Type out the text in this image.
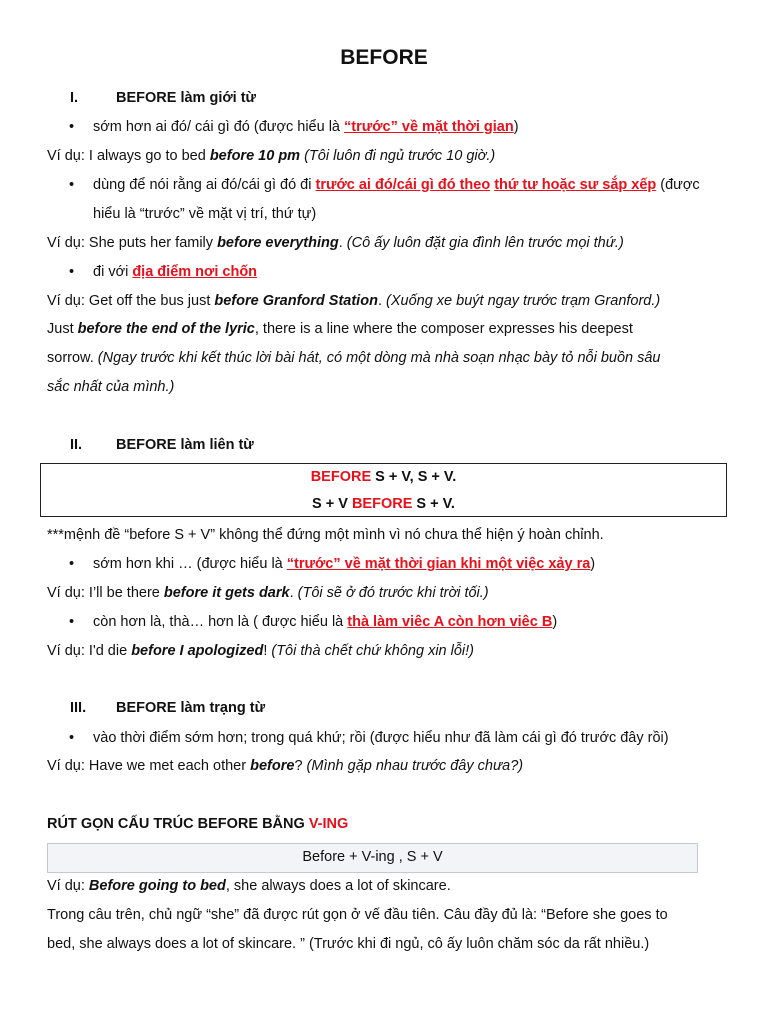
BEFORE
I.	BEFORE làm giới từ
• sớm hơn ai đó/ cái gì đó (được hiểu là “trước” về mặt thời gian)
Ví dụ: I always go to bed before 10 pm (Tôi luôn đi ngủ trước 10 giờ.)
• dùng để nói rằng ai đó/cái gì đó đi trước ai đó/cái gì đó theo thứ tư hoặc sư sắp xếp (được
hiểu là “trước” về mặt vị trí, thứ tự)
Ví dụ: She puts her family before everything. (Cô ấy luôn đặt gia đình lên trước mọi thứ.)
• đi với địa điểm nơi chốn
Ví dụ: Get off the bus just before Granford Station. (Xuống xe buýt ngay trước trạm Granford.)
Just before the end of the lyric, there is a line where the composer expresses his deepest
sorrow. (Ngay trước khi kết thúc lời bài hát, có một dòng mà nhà soạn nhạc bày tỏ nỗi buồn sâu
sắc nhất của mình.)
II. BEFORE làm liên từ
BEFORE S + V, S + V.
S + V BEFORE S + V.
***mệnh đề “before S + V” không thể đứng một mình vì nó chưa thể hiện ý hoàn chỉnh.
• sớm hơn khi … (được hiểu là “trước” về mặt thời gian khi một việc xảy ra)
Ví dụ: I’ll be there before it gets dark. (Tôi sẽ ở đó trước khi trời tối.)
• còn hơn là, thà… hơn là ( được hiểu là thà làm viêc A còn hơn viêc B)
Ví dụ: I'd die before I apologized! (Tôi thà chết chứ không xin lỗi!)
III. BEFORE làm trạng từ
• vào thời điểm sớm hơn; trong quá khứ; rồi (được hiểu như đã làm cái gì đó trước đây rồi)
Ví dụ: Have we met each other before? (Mình gặp nhau trước đây chưa?)
RÚT GỌN CẤU TRÚC BEFORE BẰNG V-ING
Before + V-ing , S + V
Ví dụ: Before going to bed, she always does a lot of skincare.
Trong câu trên, chủ ngữ “she” đã được rút gọn ở vế đầu tiên. Câu đầy đủ là: “Before she goes to
bed, she always does a lot of skincare. ” (Trước khi đi ngủ, cô ấy luôn chăm sóc da rất nhiều.)
